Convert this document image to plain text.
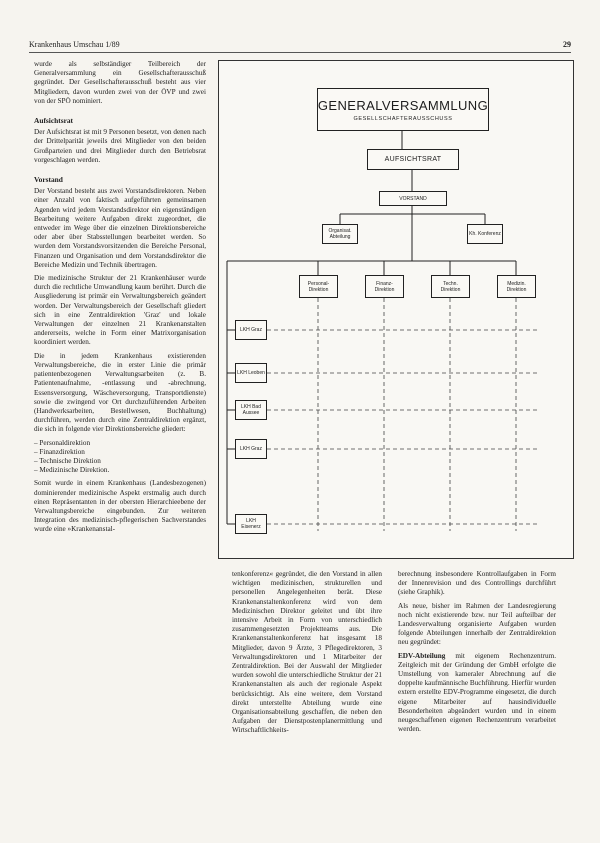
Krankenhaus Umschau 1/89	29

wurde als selbständiger Teilbereich der Generalversammlung ein Gesellschafterausschuß gegründet. Der Gesellschafterausschuß besteht aus vier Mitgliedern, davon wurden zwei von der ÖVP und zwei von der SPÖ nominiert.

Aufsichtsrat

Der Aufsichtsrat ist mit 9 Personen besetzt, von denen nach der Drittelparität jeweils drei Mitglieder von den beiden Großparteien und drei Mitglieder durch den Betriebsrat vorgeschlagen werden.

Vorstand

Der Vorstand besteht aus zwei Vorstandsdirektoren. Neben einer Anzahl von faktisch aufgeführten gemeinsamen Agenden wird jedem Vorstandsdirektor ein eigenständigen Bearbeitung weitere Aufgaben direkt zugeordnet, die entweder im Wege über die einzelnen Direktionsbereiche oder aber über Stabsstellungen bearbeitet werden. So wurden dem Vorstandsvorsitzenden die Bereiche Personal, Finanzen und Organisation und dem Vorstandsdirektor die Bereiche Medizin und Technik übertragen.

Die medizinische Struktur der 21 Krankenhäuser wurde durch die rechtliche Umwandlung kaum berührt. Durch die Ausgliederung ist primär ein Verwaltungsbereich geändert worden. Der Verwaltungsbereich der Gesellschaft gliedert sich in eine Zentraldirektion 'Graz' und lokale Verwaltungen der einzelnen 21 Krankenanstalten andererseits, welche in Form einer Matrixorganisation koordiniert werden.

Die in jedem Krankenhaus existierenden Verwaltungsbereiche, die in erster Linie die primär patientenbezogenen Verwaltungsarbeiten (z. B. Patientenaufnahme, -entlassung und -abrechnung, Essensversorgung, Wäscheversorgung, Transportdienste) sowie die zwingend vor Ort durchzuführenden Arbeiten (Handwerksarbeiten, Bestellwesen, Buchhaltung) durchführen, werden durch eine Zentraldirektion ergänzt, die sich in folgende vier Direktionsbereiche gliedert:

– Personaldirektion
– Finanzdirektion
– Technische Direktion
– Medizinische Direktion.

Somit wurde in einem Krankenhaus (Landesbezogenen) dominierender medizinische Aspekt erstmalig auch durch einen Repräsentanten in der obersten Hierarchieebene der Verwaltungsbereiche eingebunden. Zur weiteren Integration des medizinisch-pflegerischen Sachverstandes wurde eine »Krankenanstal-

GENERALVERSAMMLUNG
GESELLSCHAFTERAUSSCHUSS
AUFSICHTSRAT
VORSTAND
Organisat. Abteilung	Kh. Konferenz
Personal-Direktion
Finanz-Direktion
Techn. Direktion
Medizin. Direktion
LKH Graz
LKH Leoben
LKH Bad Aussee
LKH Graz
LKH Eisenerz

tenkonferenz« gegründet, die den Vorstand in allen wichtigen medizinischen, strukturellen und personellen Angelegenheiten berät. Diese Krankenanstaltenkonferenz wird von dem Medizinischen Direktor geleitet und übt ihre intensive Arbeit in Form von unterschiedlich zusammengesetzten Projektteams aus. Die Krankenanstaltenkonferenz hat insgesamt 18 Mitglieder, davon 9 Ärzte, 3 Pflegedirektoren, 3 Verwaltungsdirektoren und 1 Mitarbeiter der Zentraldirektion. Bei der Auswahl der Mitglieder wurden sowohl die unterschiedliche Struktur der 21 Krankenanstalten als auch der regionale Aspekt berücksichtigt. Als eine weitere, dem Vorstand direkt unterstellte Abteilung wurde eine Organisationsabteilung geschaffen, die neben den Aufgaben der Dienstpostenplanermittlung und Wirtschaftlichkeits-

berechnung insbesondere Kontrollaufgaben in Form der Innenrevision und des Controllings durchführt (siehe Graphik).

Als neue, bisher im Rahmen der Landesregierung noch nicht existierende bzw. nur Teil aufteilbar der Landesverwaltung organisierte Aufgaben wurden folgende Abteilungen innerhalb der Zentraldirektion neu gegründet:

EDV-Abteilung mit eigenem Rechenzentrum. Zeitgleich mit der Gründung der GmbH erfolgte die Umstellung von kameraler Abrechnung auf die doppelte kaufmännische Buchführung. Hierfür wurden extern erstellte EDV-Programme eingesetzt, die durch eigene Mitarbeiter auf hausindividuelle Besonderheiten abgeändert wurden und in einem neugeschaffenen eigenen Rechenzentrum verarbeitet werden.
